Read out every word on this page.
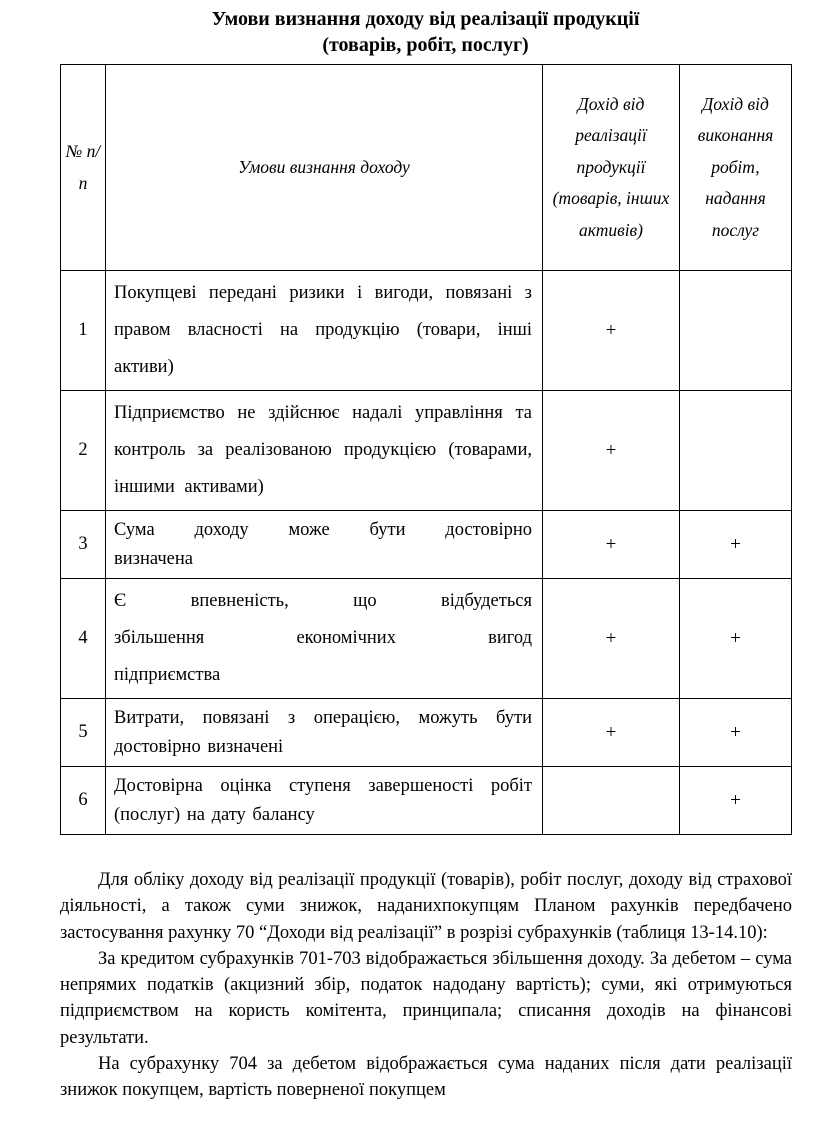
Умови визнання доходу від реалізації продукції
(товарів, робіт, послуг)
№ п/п	Умови визнання доходу	Дохід від реалізації продукції (товарів, інших активів)	Дохід від виконання робіт, надання послуг
1	Покупцеві передані ризики і вигоди, повязані з правом власності на продукцію (товари, інші активи)	+	
2	Підприємство не здійснює надалі управління та контроль за реалізованою продукцією (товарами, іншими активами)	+	
3	Сума доходу може бути достовірно визначена	+	+
4	Є впевненість, що відбудеться збільшення економічних вигод підприємства	+	+
5	Витрати, повязані з операцією, можуть бути достовірно визначені	+	+
6	Достовірна оцінка ступеня завершеності робіт (послуг) на дату балансу		+

Для обліку доходу від реалізації продукції (товарів), робіт послуг, доходу від страхової діяльності, а також суми знижок, наданихпокупцям Планом рахунків передбачено застосування рахунку 70 “Доходи від реалізації” в розрізі субрахунків (таблиця 13-14.10):

За кредитом субрахунків 701-703 відображається збільшення доходу. За дебетом – сума непрямих податків (акцизний збір, податок надодану вартість); суми, які отримуються підприємством на користь комітента, принципала; списання доходів на фінансові результати.

На субрахунку 704 за дебетом відображається сума наданих після дати реалізації знижок покупцем, вартість поверненої покупцем
